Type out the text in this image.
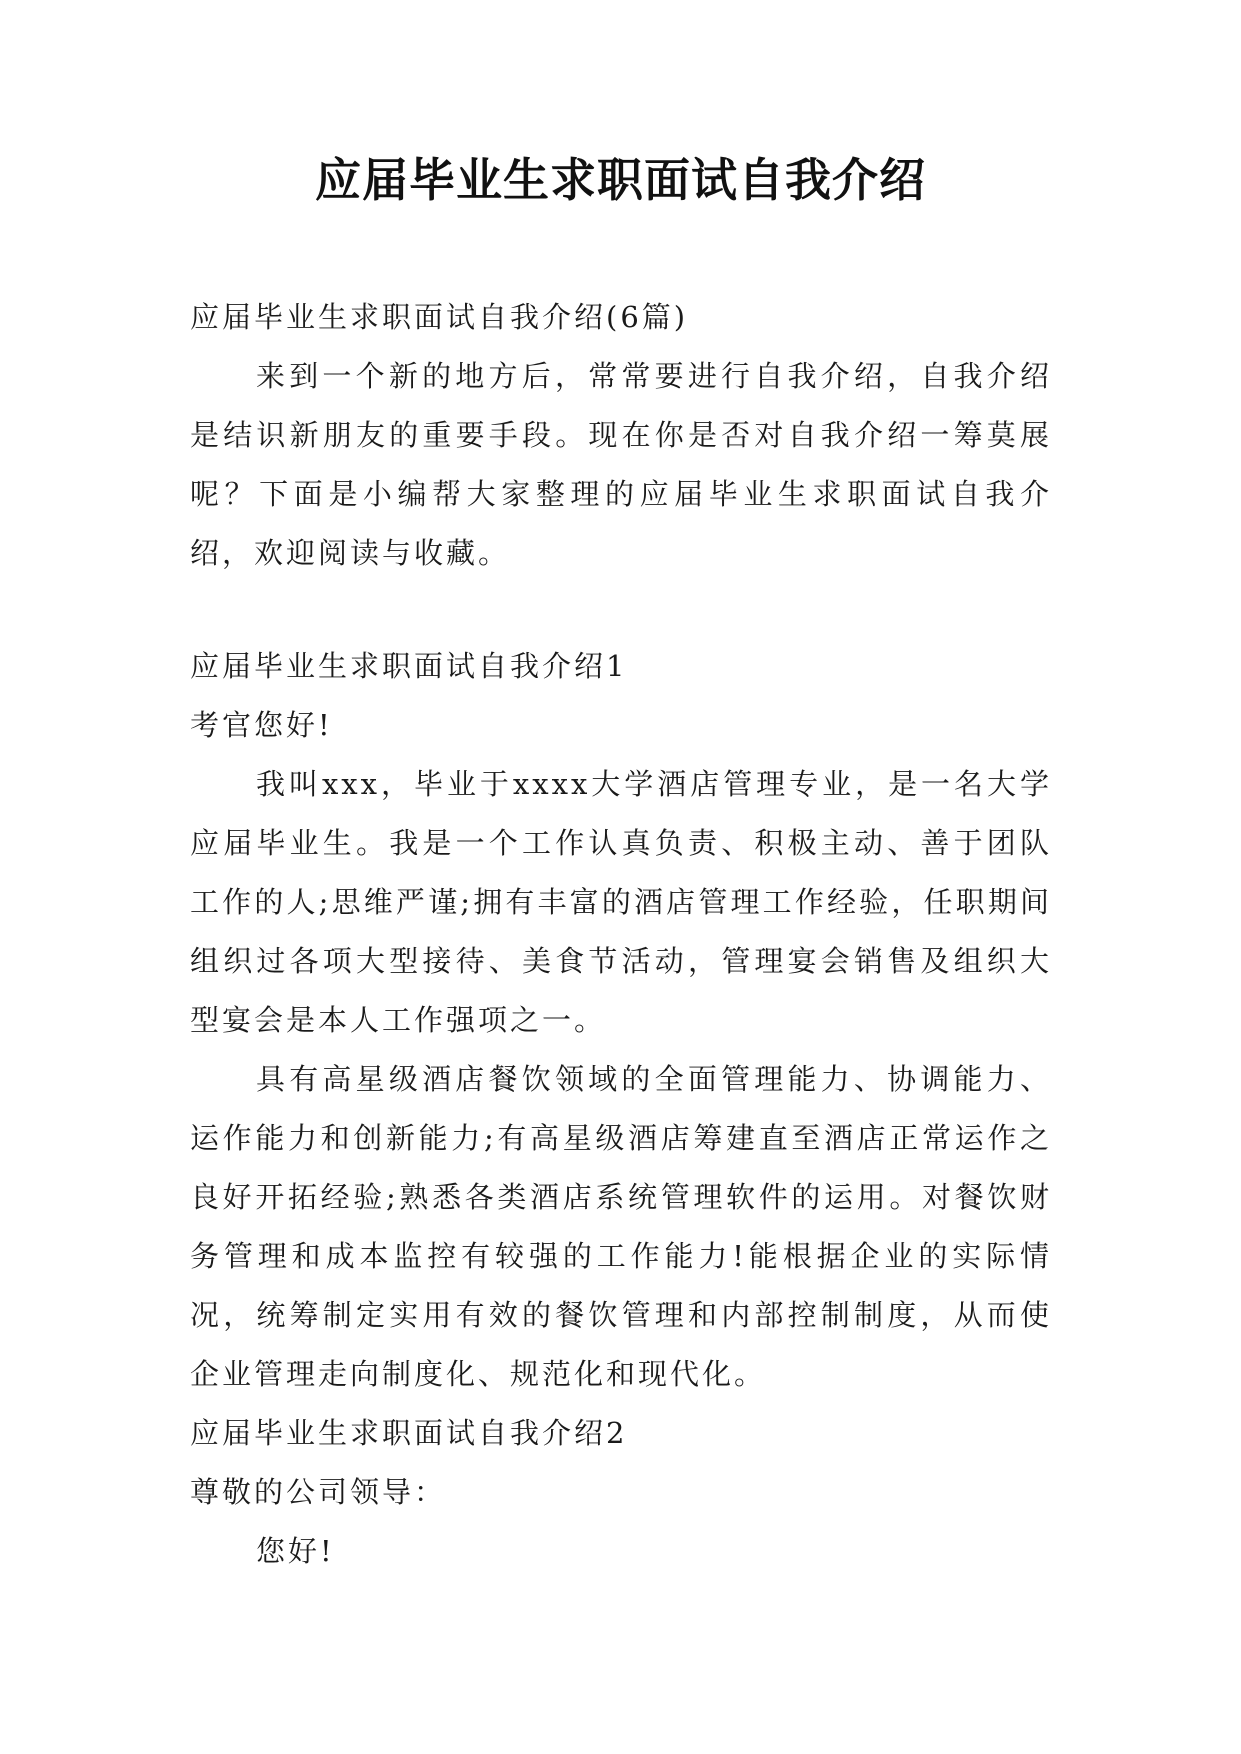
应届毕业生求职面试自我介绍

应届毕业生求职面试自我介绍(6篇)

来到一个新的地方后，常常要进行自我介绍，自我介绍是结识新朋友的重要手段。现在你是否对自我介绍一筹莫展呢？下面是小编帮大家整理的应届毕业生求职面试自我介绍，欢迎阅读与收藏。

应届毕业生求职面试自我介绍1

考官您好!

我叫xxx，毕业于xxxx大学酒店管理专业，是一名大学应届毕业生。我是一个工作认真负责、积极主动、善于团队工作的人;思维严谨;拥有丰富的酒店管理工作经验，任职期间组织过各项大型接待、美食节活动，管理宴会销售及组织大型宴会是本人工作强项之一。

具有高星级酒店餐饮领域的全面管理能力、协调能力、运作能力和创新能力;有高星级酒店筹建直至酒店正常运作之良好开拓经验;熟悉各类酒店系统管理软件的运用。对餐饮财务管理和成本监控有较强的工作能力!能根据企业的实际情况，统筹制定实用有效的餐饮管理和内部控制制度，从而使企业管理走向制度化、规范化和现代化。

应届毕业生求职面试自我介绍2

尊敬的公司领导：

您好!
